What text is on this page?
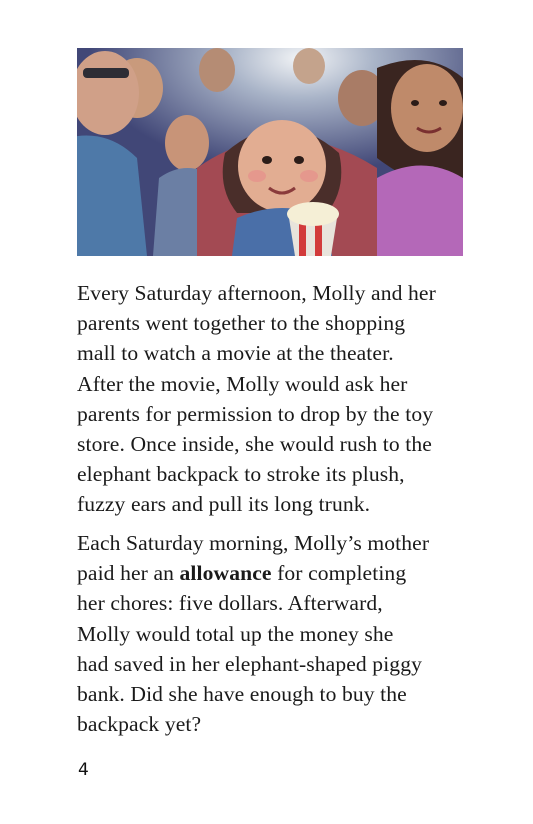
Every Saturday afternoon, Molly and her
parents went together to the shopping
mall to watch a movie at the theater.
After the movie, Molly would ask her
parents for permission to drop by the toy
store. Once inside, she would rush to the
elephant backpack to stroke its plush,
fuzzy ears and pull its long trunk.
Each Saturday morning, Molly’s mother
paid her an allowance for completing
her chores: five dollars. Afterward,
Molly would total up the money she
had saved in her elephant-shaped piggy
bank. Did she have enough to buy the
backpack yet?
4
